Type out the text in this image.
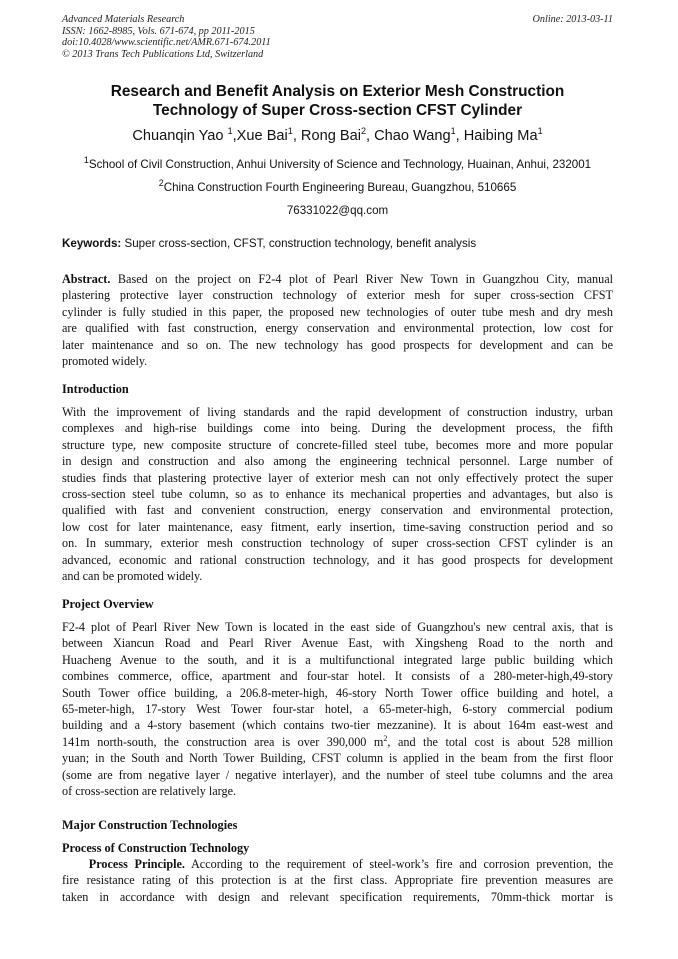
Advanced Materials Research
ISSN: 1662-8985, Vols. 671-674, pp 2011-2015
doi:10.4028/www.scientific.net/AMR.671-674.2011
© 2013 Trans Tech Publications Ltd, Switzerland
Online: 2013-03-11
Research and Benefit Analysis on Exterior Mesh Construction
Technology of Super Cross-section CFST Cylinder
Chuanqin Yao $^1$,Xue Bai$^1$, Rong Bai$^2$, Chao Wang$^1$, Haibing Ma$^1$
$^1$School of Civil Construction, Anhui University of Science and Technology, Huainan, Anhui, 232001
$^2$China Construction Fourth Engineering Bureau, Guangzhou, 510665
76331022@qq.com
Keywords: Super cross-section, CFST, construction technology, benefit analysis
Abstract. Based on the project on F2-4 plot of Pearl River New Town in Guangzhou City, manual
plastering protective layer construction technology of exterior mesh for super cross-section CFST
cylinder is fully studied in this paper, the proposed new technologies of outer tube mesh and dry mesh
are qualified with fast construction, energy conservation and environmental protection, low cost for
later maintenance and so on. The new technology has good prospects for development and can be
promoted widely.
Introduction
With the improvement of living standards and the rapid development of construction industry, urban
complexes and high-rise buildings come into being. During the development process, the fifth
structure type, new composite structure of concrete-filled steel tube, becomes more and more popular
in design and construction and also among the engineering technical personnel. Large number of
studies finds that plastering protective layer of exterior mesh can not only effectively protect the super
cross-section steel tube column, so as to enhance its mechanical properties and advantages, but also is
qualified with fast and convenient construction, energy conservation and environmental protection,
low cost for later maintenance, easy fitment, early insertion, time-saving construction period and so
on. In summary, exterior mesh construction technology of super cross-section CFST cylinder is an
advanced, economic and rational construction technology, and it has good prospects for development
and can be promoted widely.
Project Overview
F2-4 plot of Pearl River New Town is located in the east side of Guangzhou's new central axis, that is
between Xiancun Road and Pearl River Avenue East, with Xingsheng Road to the north and
Huacheng Avenue to the south, and it is a multifunctional integrated large public building which
combines commerce, office, apartment and four-star hotel. It consists of a 280-meter-high,49-story
South Tower office building, a 206.8-meter-high, 46-story North Tower office building and hotel, a
65-meter-high, 17-story West Tower four-star hotel, a 65-meter-high, 6-story commercial podium
building and a 4-story basement (which contains two-tier mezzanine). It is about 164m east-west and
141m north-south, the construction area is over 390,000 $m^2$, and the total cost is about 528 million
yuan; in the South and North Tower Building, CFST column is applied in the beam from the first floor
(some are from negative layer / negative interlayer), and the number of steel tube columns and the area
of cross-section are relatively large.
Major Construction Technologies
Process of Construction Technology
Process Principle. According to the requirement of steel-work’s fire and corrosion prevention, the
fire resistance rating of this protection is at the first class. Appropriate fire prevention measures are
taken in accordance with design and relevant specification requirements, 70mm-thick mortar is
